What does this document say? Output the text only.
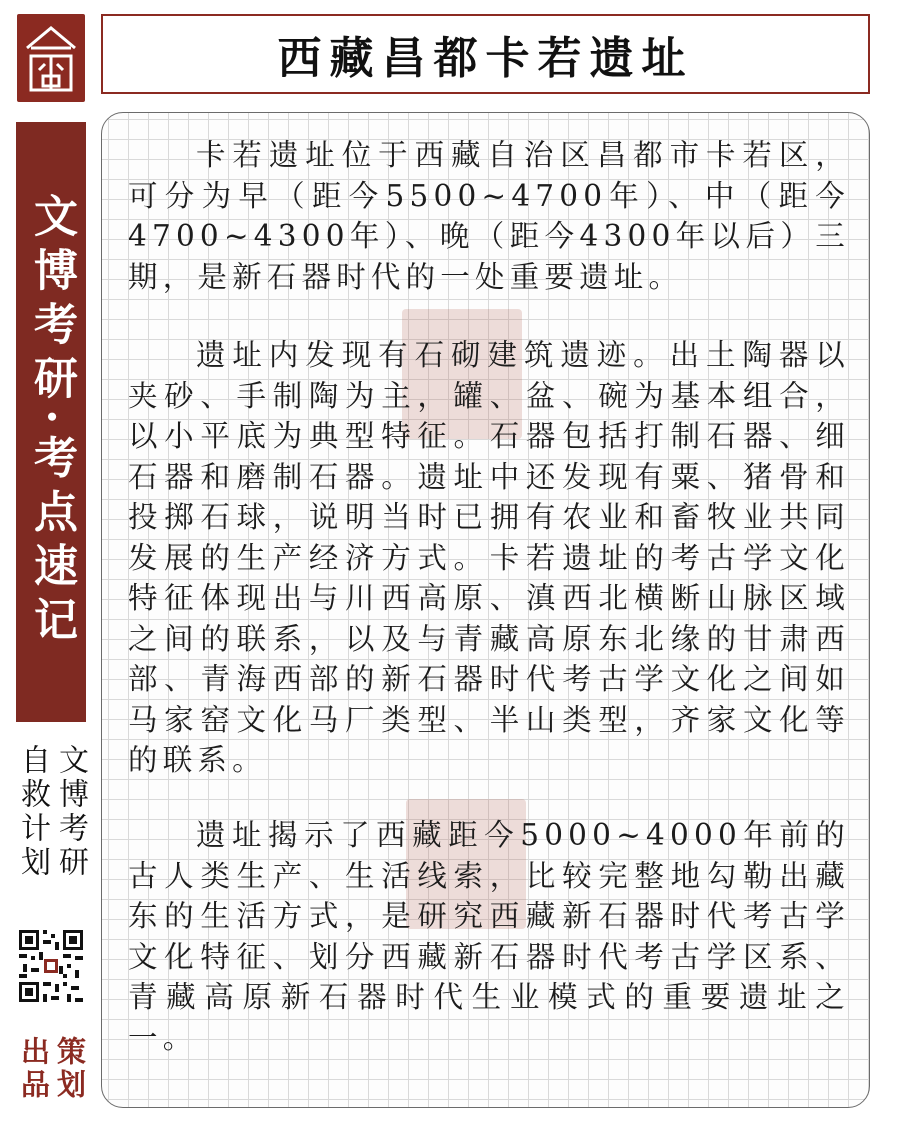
文博考研·考点速记
文博考研
自救计划
策划
出品
西藏昌都卡若遗址

卡若遗址位于西藏自治区昌都市卡若区，可分为早（距今5500~4700年）、中（距今4700~4300年）、晚（距今4300年以后）三期，是新石器时代的一处重要遗址。

遗址内发现有石砌建筑遗迹。出土陶器以夹砂、手制陶为主，罐、盆、碗为基本组合，以小平底为典型特征。石器包括打制石器、细石器和磨制石器。遗址中还发现有粟、猪骨和投掷石球，说明当时已拥有农业和畜牧业共同发展的生产经济方式。卡若遗址的考古学文化特征体现出与川西高原、滇西北横断山脉区域之间的联系，以及与青藏高原东北缘的甘肃西部、青海西部的新石器时代考古学文化之间如马家窑文化马厂类型、半山类型，齐家文化等的联系。

遗址揭示了西藏距今5000~4000年前的古人类生产、生活线索，比较完整地勾勒出藏东的生活方式，是研究西藏新石器时代考古学文化特征、划分西藏新石器时代考古学区系、青藏高原新石器时代生业模式的重要遗址之一。
